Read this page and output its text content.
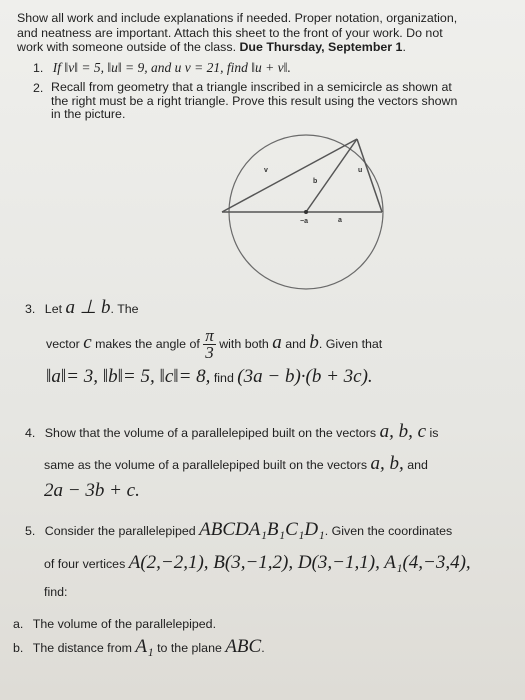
Show all work and include explanations if needed. Proper notation, organization,
and neatness are important. Attach this sheet to the front of your work. Do not
work with someone outside of the class. Due Thursday, September 1.
1. If ‖v‖ = 5, ‖u‖ = 9, and u v = 21, find ‖u + v‖.
2. Recall from geometry that a triangle inscribed in a semicircle as shown at
the right must be a right triangle. Prove this result using the vectors shown
in the picture.
v	u
b
−a	a
3. Let a ⊥ b. The
vector c makes the angle of $\frac{\pi}{3}$ with both a and b. Given that
‖a‖= 3, ‖b‖= 5, ‖c‖= 8, find (3a − b)·(b + 3c).
4. Show that the volume of a parallelepiped built on the vectors a, b, c is
same as the volume of a parallelepiped built on the vectors a, b, and
2a − 3b + c.
5. Consider the parallelepiped ABCDA₁B₁C₁D₁. Given the coordinates
of four vertices A(2,−2,1), B(3,−1,2), D(3,−1,1), A₁(4,−3,4),
find:
a. The volume of the parallelepiped.
b. The distance from A₁ to the plane ABC.
